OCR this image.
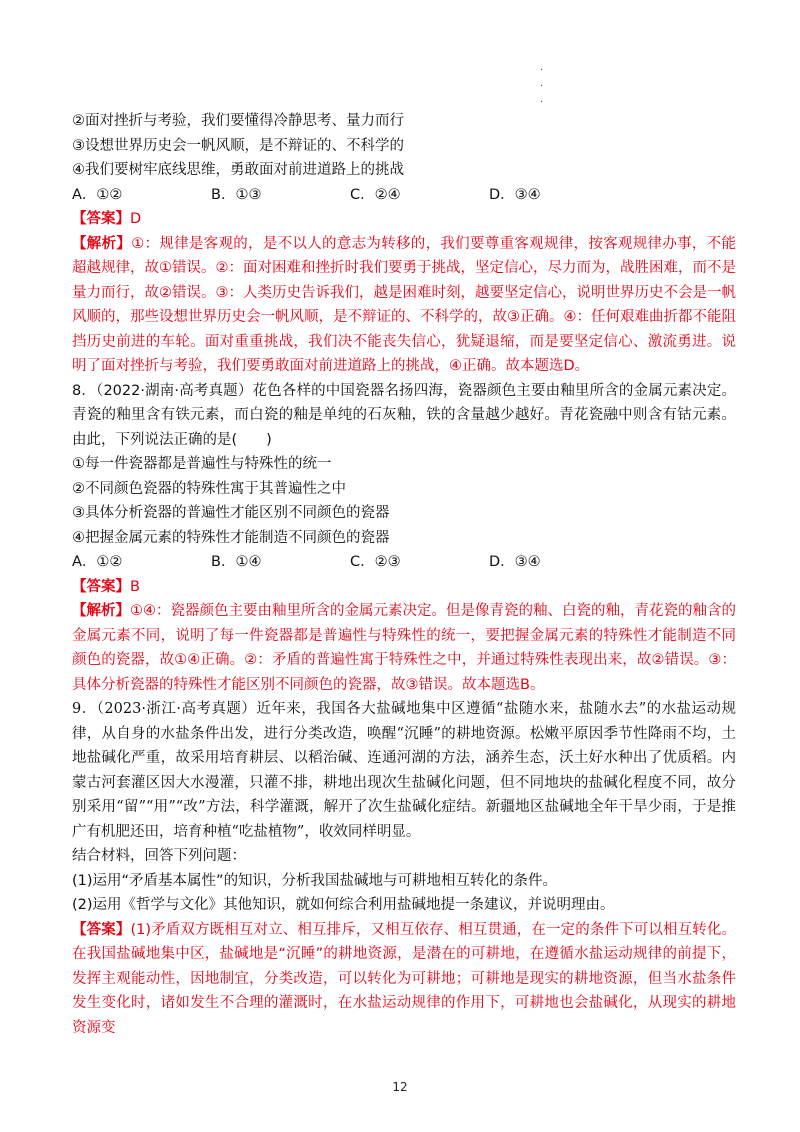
.
.
.
②面对挫折与考验，我们要懂得冷静思考、量力而行
③设想世界历史会一帆风顺，是不辩证的、不科学的
④我们要树牢底线思维，勇敢面对前进道路上的挑战
A．①②	B．①③	C．②④	D．③④
【答案】D
【解析】①：规律是客观的，是不以人的意志为转移的，我们要尊重客观规律，按客观规律办事，不能超越规律，故①错误。②：面对困难和挫折时我们要勇于挑战，坚定信心，尽力而为，战胜困难，而不是量力而行，故②错误。③：人类历史告诉我们，越是困难时刻，越要坚定信心，说明世界历史不会是一帆风顺的，那些设想世界历史会一帆风顺，是不辩证的、不科学的，故③正确。④：任何艰难曲折都不能阻挡历史前进的车轮。面对重重挑战，我们决不能丧失信心，犹疑退缩，而是要坚定信心、激流勇进。说明了面对挫折与考验，我们要勇敢面对前进道路上的挑战，④正确。故本题选D。
8．（2022·湖南·高考真题）花色各样的中国瓷器名扬四海，瓷器颜色主要由釉里所含的金属元素决定。青瓷的釉里含有铁元素，而白瓷的釉是单纯的石灰釉，铁的含量越少越好。青花瓷融中则含有钴元素。由此，下列说法正确的是(　　)
①每一件瓷器都是普遍性与特殊性的统一
②不同颜色瓷器的特殊性寓于其普遍性之中
③具体分析瓷器的普遍性才能区别不同颜色的瓷器
④把握金属元素的特殊性才能制造不同颜色的瓷器
A．①②	B．①④	C．②③	D．③④
【答案】B
【解析】①④：瓷器颜色主要由釉里所含的金属元素决定。但是像青瓷的釉、白瓷的釉，青花瓷的釉含的金属元素不同，说明了每一件瓷器都是普遍性与特殊性的统一，要把握金属元素的特殊性才能制造不同颜色的瓷器，故①④正确。②：矛盾的普遍性寓于特殊性之中，并通过特殊性表现出来，故②错误。③：具体分析瓷器的特殊性才能区别不同颜色的瓷器，故③错误。故本题选B。
9．（2023·浙江·高考真题）近年来，我国各大盐碱地集中区遵循“盐随水来，盐随水去”的水盐运动规律，从自身的水盐条件出发，进行分类改造，唤醒“沉睡”的耕地资源。松嫩平原因季节性降雨不均，土地盐碱化严重，故采用培育耕层、以稻治碱、连通河湖的方法，涵养生态，沃土好水种出了优质稻。内蒙古河套灌区因大水漫灌，只灌不排，耕地出现次生盐碱化问题，但不同地块的盐碱化程度不同，故分别采用“留”“用”“改”方法，科学灌溉，解开了次生盐碱化症结。新疆地区盐碱地全年干旱少雨，于是推广有机肥还田，培育种植“吃盐植物”，收效同样明显。
结合材料，回答下列问题：
(1)运用“矛盾基本属性”的知识，分析我国盐碱地与可耕地相互转化的条件。
(2)运用《哲学与文化》其他知识，就如何综合利用盐碱地提一条建议，并说明理由。
【答案】(1)矛盾双方既相互对立、相互排斥，又相互依存、相互贯通，在一定的条件下可以相互转化。在我国盐碱地集中区，盐碱地是“沉睡”的耕地资源，是潜在的可耕地，在遵循水盐运动规律的前提下，发挥主观能动性，因地制宜，分类改造，可以转化为可耕地；可耕地是现实的耕地资源，但当水盐条件发生变化时，诸如发生不合理的灌溉时，在水盐运动规律的作用下，可耕地也会盐碱化，从现实的耕地资源变
12
